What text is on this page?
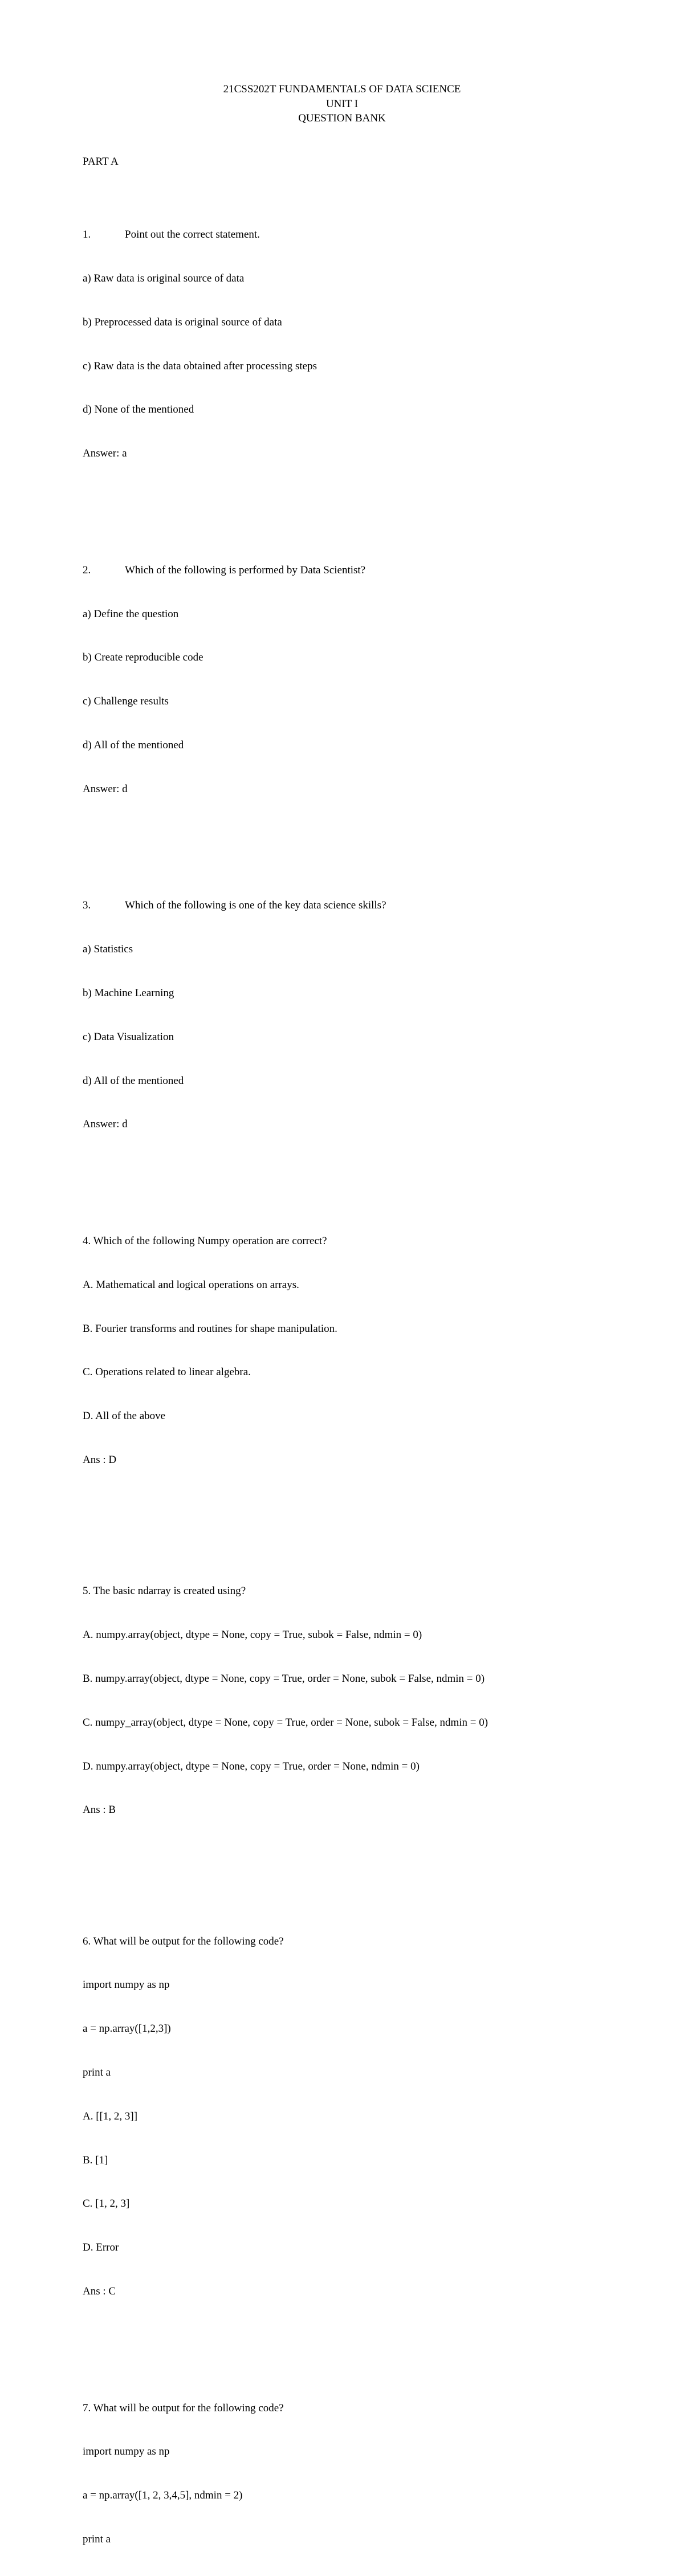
21CSS202T FUNDAMENTALS OF DATA SCIENCE
UNIT I
QUESTION BANK

PART A

1.	Point out the correct statement.

a) Raw data is original source of data

b) Preprocessed data is original source of data

c) Raw data is the data obtained after processing steps

d) None of the mentioned

Answer: a

2.	Which of the following is performed by Data Scientist?

a) Define the question

b) Create reproducible code

c) Challenge results

d) All of the mentioned

Answer: d

3.	Which of the following is one of the key data science skills?

a) Statistics

b) Machine Learning

c) Data Visualization

d) All of the mentioned

Answer: d

4. Which of the following Numpy operation are correct?

A. Mathematical and logical operations on arrays.

B. Fourier transforms and routines for shape manipulation.

C. Operations related to linear algebra.

D. All of the above

Ans : D

5. The basic ndarray is created using?

A. numpy.array(object, dtype = None, copy = True, subok = False, ndmin = 0)

B. numpy.array(object, dtype = None, copy = True, order = None, subok = False, ndmin = 0)

C. numpy_array(object, dtype = None, copy = True, order = None, subok = False, ndmin = 0)

D. numpy.array(object, dtype = None, copy = True, order = None, ndmin = 0)

Ans : B

6. What will be output for the following code?

import numpy as np

a = np.array([1,2,3])

print a

A. [[1, 2, 3]]

B. [1]

C. [1, 2, 3]

D. Error

Ans : C

7. What will be output for the following code?

import numpy as np

a = np.array([1, 2, 3,4,5], ndmin = 2)

print a
